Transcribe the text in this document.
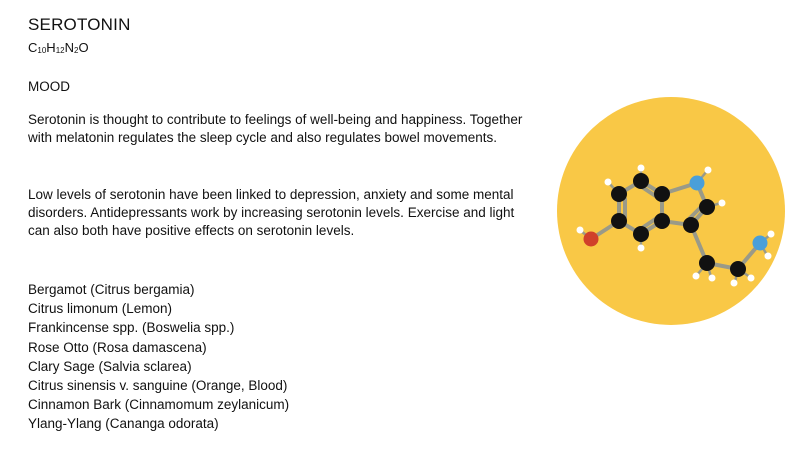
SEROTONIN
$C_{10}H_{12}N_2O$
MOOD

Serotonin is thought to contribute to feelings of well-being and happiness. Together with melatonin regulates the sleep cycle and also regulates bowel movements.

Low levels of serotonin have been linked to depression, anxiety and some mental disorders. Antidepressants work by increasing serotonin levels. Exercise and light can also both have positive effects on serotonin levels.

Bergamot (Citrus bergamia)
Citrus limonum (Lemon)
Frankincense spp. (Boswelia spp.)
Rose Otto (Rosa damascena)
Clary Sage (Salvia sclarea)
Citrus sinensis v. sanguine (Orange, Blood)
Cinnamon Bark (Cinnamomum zeylanicum)
Ylang-Ylang (Cananga odorata)
